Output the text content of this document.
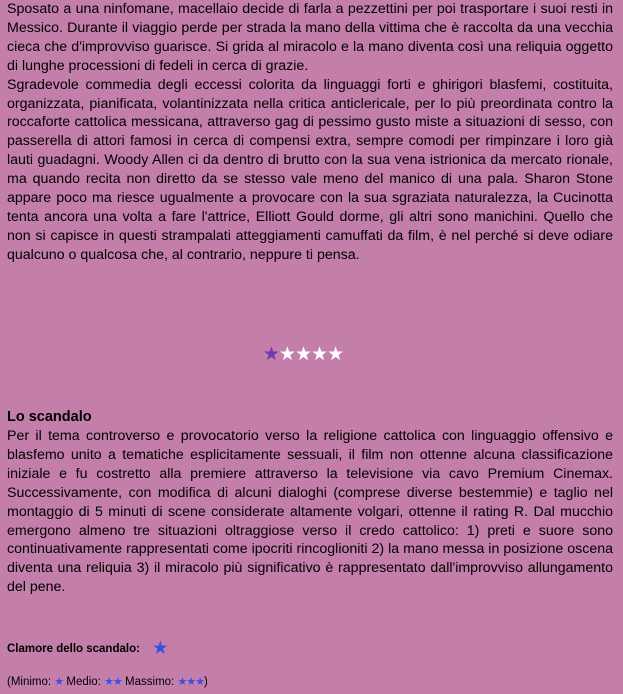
Sposato a una ninfomane, macellaio decide di farla a pezzettini per poi trasportare i suoi resti in Messico. Durante il viaggio perde per strada la mano della vittima che è raccolta da una vecchia cieca che d'improvviso guarisce. Si grida al miracolo e la mano diventa così una reliquia oggetto di lunghe processioni di fedeli in cerca di grazie.

Sgradevole commedia degli eccessi colorita da linguaggi forti e ghirigori blasfemi, costituita, organizzata, pianificata, volantinizzata nella critica anticlericale, per lo più preordinata contro la roccaforte cattolica messicana, attraverso gag di pessimo gusto miste a situazioni di sesso, con passerella di attori famosi in cerca di compensi extra, sempre comodi per rimpinzare i loro già lauti guadagni. Woody Allen ci da dentro di brutto con la sua vena istrionica da mercato rionale, ma quando recita non diretto da se stesso vale meno del manico di una pala. Sharon Stone appare poco ma riesce ugualmente a provocare con la sua sgraziata naturalezza, la Cucinotta tenta ancora una volta a fare l'attrice, Elliott Gould dorme, gli altri sono manichini. Quello che non si capisce in questi strampalati atteggiamenti camuffati da film, è nel perché si deve odiare qualcuno o qualcosa che, al contrario, neppure ti pensa.

★★★★★
Lo scandalo

Per il tema controverso e provocatorio verso la religione cattolica con linguaggio offensivo e blasfemo unito a tematiche esplicitamente sessuali, il film non ottenne alcuna classificazione iniziale e fu costretto alla premiere attraverso la televisione via cavo Premium Cinemax. Successivamente, con modifica di alcuni dialoghi (comprese diverse bestemmie) e taglio nel montaggio di 5 minuti di scene considerate altamente volgari, ottenne il rating R. Dal mucchio emergono almeno tre situazioni oltraggiose verso il credo cattolico: 1) preti e suore sono continuativamente rappresentati come ipocriti rincoglioniti 2) la mano messa in posizione oscena diventa una reliquia 3) il miracolo più significativo è rappresentato dall'improvviso allungamento del pene.

Clamore dello scandalo: ★
(Minimo: ★ Medio: ★★ Massimo: ★★★)
